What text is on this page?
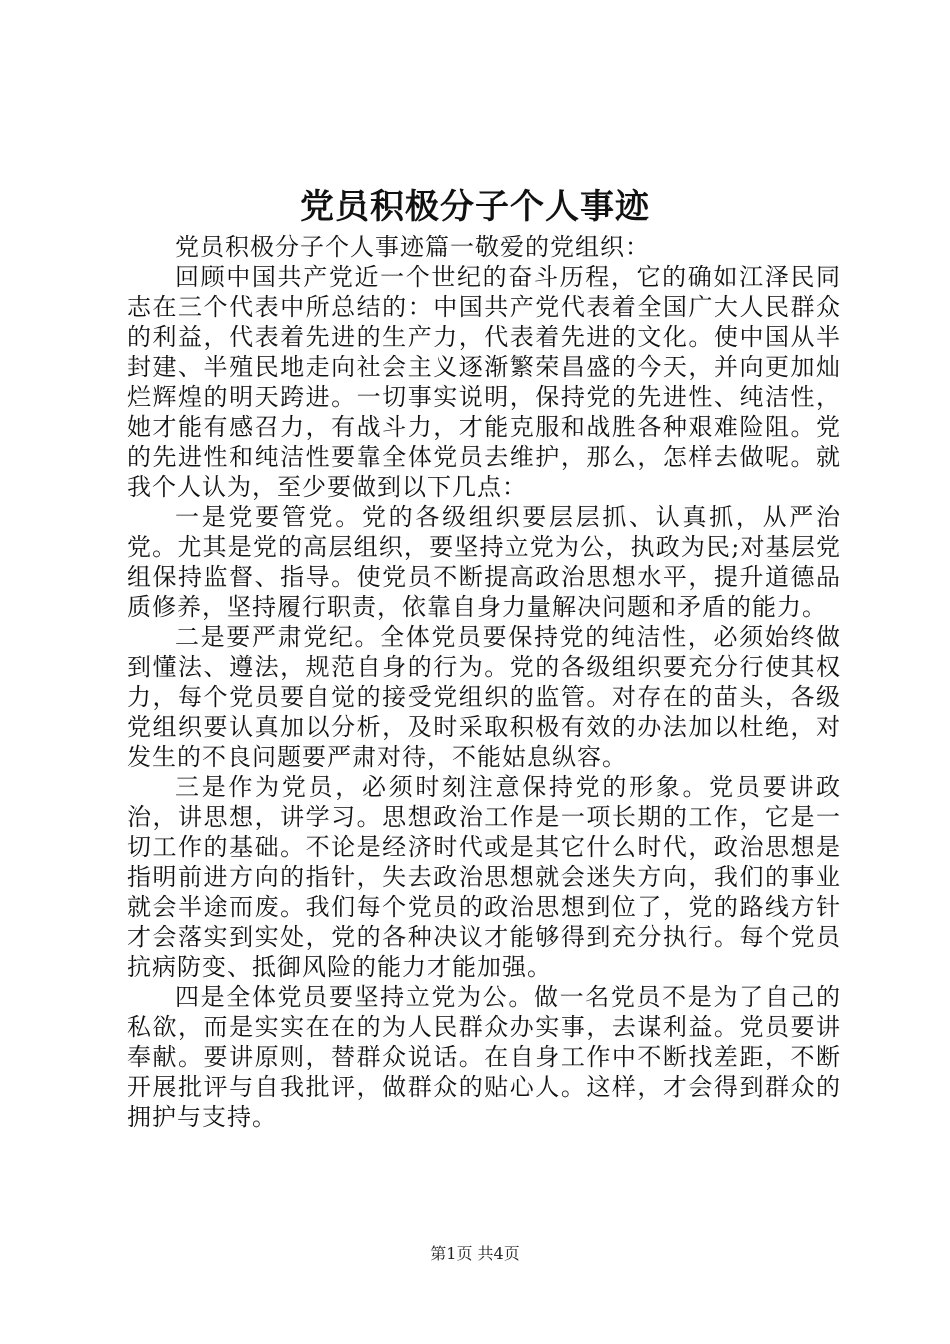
党员积极分子个人事迹

党员积极分子个人事迹篇一敬爱的党组织：

回顾中国共产党近一个世纪的奋斗历程，它的确如江泽民同志在三个代表中所总结的：中国共产党代表着全国广大人民群众的利益，代表着先进的生产力，代表着先进的文化。使中国从半封建、半殖民地走向社会主义逐渐繁荣昌盛的今天，并向更加灿烂辉煌的明天跨进。一切事实说明，保持党的先进性、纯洁性，她才能有感召力，有战斗力，才能克服和战胜各种艰难险阻。党的先进性和纯洁性要靠全体党员去维护，那么，怎样去做呢。就我个人认为，至少要做到以下几点：

一是党要管党。党的各级组织要层层抓、认真抓，从严治党。尤其是党的高层组织，要坚持立党为公，执政为民;对基层党组保持监督、指导。使党员不断提高政治思想水平，提升道德品质修养，坚持履行职责，依靠自身力量解决问题和矛盾的能力。

二是要严肃党纪。全体党员要保持党的纯洁性，必须始终做到懂法、遵法，规范自身的行为。党的各级组织要充分行使其权力，每个党员要自觉的接受党组织的监管。对存在的苗头，各级党组织要认真加以分析，及时采取积极有效的办法加以杜绝，对发生的不良问题要严肃对待，不能姑息纵容。

三是作为党员，必须时刻注意保持党的形象。党员要讲政治，讲思想，讲学习。思想政治工作是一项长期的工作，它是一切工作的基础。不论是经济时代或是其它什么时代，政治思想是指明前进方向的指针，失去政治思想就会迷失方向，我们的事业就会半途而废。我们每个党员的政治思想到位了，党的路线方针才会落实到实处，党的各种决议才能够得到充分执行。每个党员抗病防变、抵御风险的能力才能加强。

四是全体党员要坚持立党为公。做一名党员不是为了自己的私欲，而是实实在在的为人民群众办实事，去谋利益。党员要讲奉献。要讲原则，替群众说话。在自身工作中不断找差距，不断开展批评与自我批评，做群众的贴心人。这样，才会得到群众的拥护与支持。

第1页 共4页
